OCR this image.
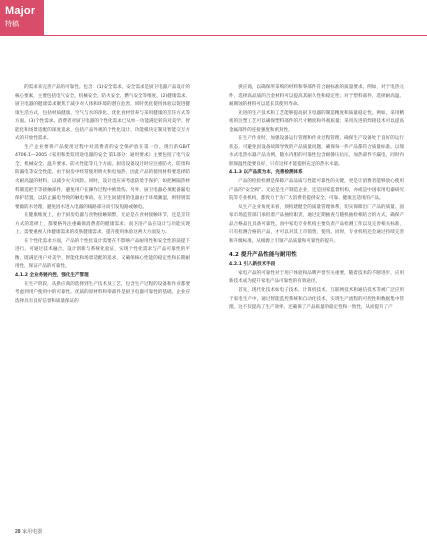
Major
特稿
的需求来完善产品的可靠性。包含：(1)安全需求。安全需求是厨卫电器产品设计的核心要素，主要包括电气安全、机械安全、防火安全、燃气安全等维度。(2)健康需求。厨卫电器的健康需求聚焦于减少对人体和环境的潜在危害，同时优化使用体验以促进健康生活方式，包括材质健康、空气与水的净化、优化食材营养与采用健康的烹饪方式等方面。(3)个性需求。消费者对厨卫电器的个性化需求已从单一功能满足转向对美学、智能化和场景适配的深度追求，包括产品外观的个性化设计、功能模块定制及智能交互方式的开放性需求。
生产企业要将产品使用过程中对消费者的安全保护放在第一位。现行的GB/T 4706.1—2005《家用和类似用途电器的安全 第1部分：通用要求》主要包括了电气安全、机械安全、温升要求、防火性能等几个方面。厨房设备设计时应注重防火、防烫和防漏电等安全性能。由于厨房中经常使用明火和电加热，因此产品的使用材料要选择防火耐高温的材料，以减少火灾风险。同时，设计也应该考虑防烫手保护，如把闸隔热材料制造把手等接触部件，避免用户在操作过程中被烫伤。另外，厨卫电器必须配备漏电保护装置，以防止漏电导致的触电事故。在卫生间使用的电器由于环境潮湿，则特别需要做防水处理，避免因水进入电器的线路部分而引发短路或触电。
在健康维度上，由于厨房电器与食物接触频繁，无论是在食材接触环节，还是烹饪方式的选择上，都要格外注重确保消费者的健康需求；而卫浴产品在设计与功能实现上，需要重视人体健康需求的皮肤健康需求，提升使用体验这两大方面发力。
在个性化需求方面，产品的个性化设计需要在不影响产品耐用性和安全性的前提下进行，可通过技术融合、设计创新与系统化验证，实现个性化需求与产品可靠性的平衡，既满足用户对美学、智能化和场景适配的追求，又确保核心性能的稳定性和长期耐用性，保证产品的可靠性。
4.1.2 全业务链内控，强化生产管理
在生产阶段，从供应商的选择到生产技术及工艺，包含生产过程的设备和作业都要考虑到用户使用中的可靠性。优质的原材料和零部件是厨卫电器可靠性的基础，企业应选择具有良好信誉和质量保证的
供应商，以确保所采购的材料和零部件符合耐标准的质量要求。例如，对于电热元件，选择高品质的合金材料可以提高其耐久性和稳定性；对于塑料部件，选择耐高温、耐腐蚀的材料可以延长其使用寿命。
先进的生产技术和工艺能够提高厨卫电器的制造精度和质量稳定性。例如，采用精密的注塑工艺可以确保塑料部件的尺寸精度和外观质量；采用先进的焊接技术可以提高金属部件的连接强度和密封性。
在生产作业时，加强设备运行管理和作业过程管理，确保生产设备处于良好的运行状态，可避免因设备故障导致的产品质量问题，确保每一件产品都符合质量标准。以瑞水式电热水器产品为例，随水内胆的可靠性包含耐静压抗压，加热部件不漏电，同时内胆保温性能要良好，只有这样才能提供充足的热水水量。
4.1.3 以产品质为本，完善检测体系
产品的检验检测是保障产品品质与性能可靠性的关键，更是让消费者能够放心使用产品的“安全阀”。无论是生产制造企业，还是国家监督机构，亦或是中国家用电器研究院等专业机构，都致力于为广大消费者提供安全、可靠、健康且适用的产品。
从生产企业角度来看，须构建健全的质量管理体系，切实保障出厂产品的质量。国家市场监管部门承担着产品抽检职责，通过定期抽查与随机抽检相结合的方式，确保产品合格品且具备可靠性。而中家电专业机构主要负责产品检测工作以及完善相关标准，只有检测合格的产品，才可以对其上市销售，使用。同时，专业机构还会通过持续完善和升级标准，从根源上引领产品质量和可靠性的提升。
4.2 提升产品性能与耐用性
4.2.1 引入新技术手段
家电产品的可靠性对于用户体验和品牌声誉至关重要，随着技术的不断进步，应用新技术成为提升家电产品可靠性的有效途径。
首先，现代化技术如电子技术、计算机技术、互联网技术和通信技术等被广泛应用于家电生产中，通过智能监控系统和自动化技术，实现生产流程的可控性和数据集中管理。这不仅提高了生产效率，还确保了产品质量的稳定性和一致性，从而提升了产
28 家用电器
